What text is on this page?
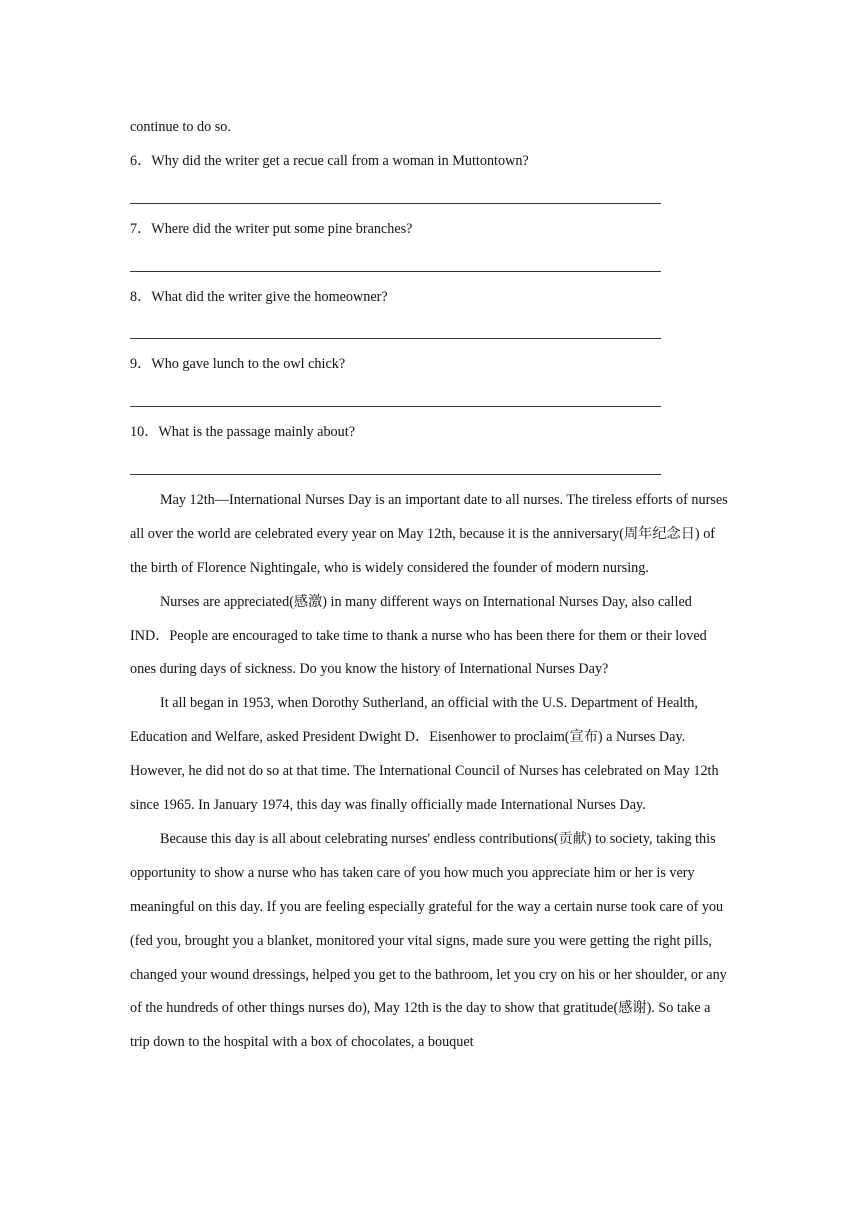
continue to do so.
6．Why did the writer get a recue call from a woman in Muttontown?
7．Where did the writer put some pine branches?
8．What did the writer give the homeowner?
9．Who gave lunch to the owl chick?
10．What is the passage mainly about?

May 12th—International Nurses Day is an important date to all nurses. The tireless efforts of nurses all over the world are celebrated every year on May 12th, because it is the anniversary(周年纪念日) of the birth of Florence Nightingale, who is widely considered the founder of modern nursing.

Nurses are appreciated(感激) in many different ways on International Nurses Day, also called IND．People are encouraged to take time to thank a nurse who has been there for them or their loved ones during days of sickness. Do you know the history of International Nurses Day?

It all began in 1953, when Dorothy Sutherland, an official with the U.S. Department of Health, Education and Welfare, asked President Dwight D．Eisenhower to proclaim(宣布) a Nurses Day. However, he did not do so at that time. The International Council of Nurses has celebrated on May 12th since 1965. In January 1974, this day was finally officially made International Nurses Day.

Because this day is all about celebrating nurses' endless contributions(贡献) to society, taking this opportunity to show a nurse who has taken care of you how much you appreciate him or her is very meaningful on this day. If you are feeling especially grateful for the way a certain nurse took care of you (fed you, brought you a blanket, monitored your vital signs, made sure you were getting the right pills, changed your wound dressings, helped you get to the bathroom, let you cry on his or her shoulder, or any of the hundreds of other things nurses do), May 12th is the day to show that gratitude(感谢). So take a trip down to the hospital with a box of chocolates, a bouquet
